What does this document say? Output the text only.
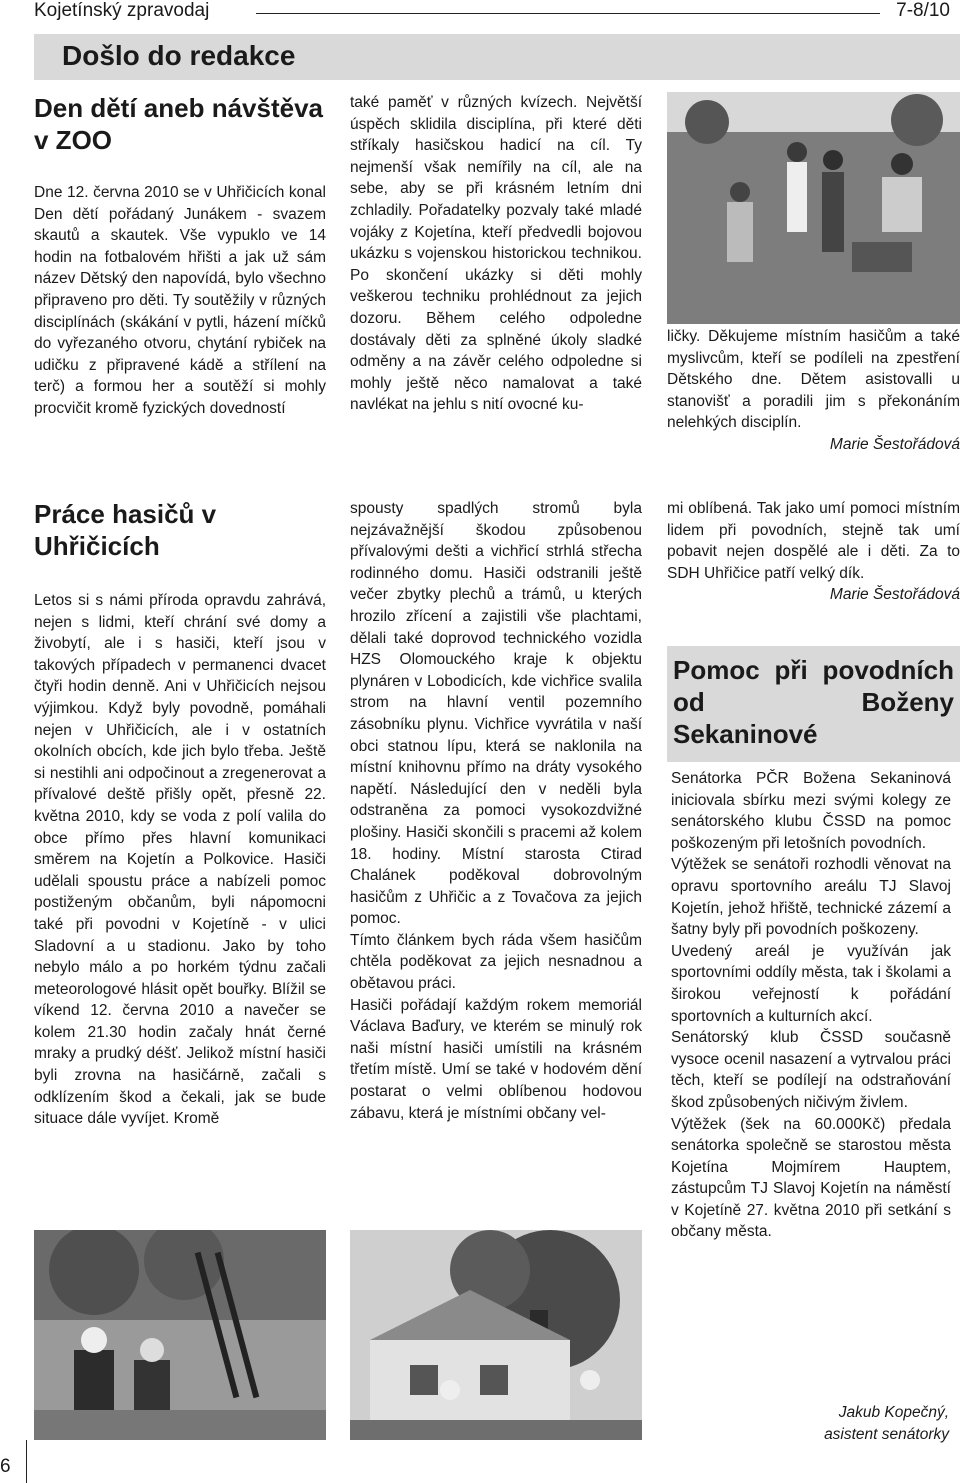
Kojetínský zpravodaj	7-8/10
Došlo do redakce
Den dětí aneb návštěva v ZOO

Dne 12. června 2010 se v Uhřičicích konal Den dětí pořádaný Junákem - svazem skautů a skautek. Vše vypuklo ve 14 hodin na fotbalovém hřišti a jak už sám název Dětský den napovídá, bylo všechno připraveno pro děti. Ty soutěžily v různých disciplínách (skákání v pytli, házení míčků do vyřezaného otvoru, chytání rybiček na udičku z připravené kádě a střílení na terč) a formou her a soutěží si mohly procvičit kromě fyzických dovedností

také paměť v různých kvízech. Největší úspěch sklidila disciplína, při které děti stříkaly hasičskou hadicí na cíl. Ty nejmenší však nemířily na cíl, ale na sebe, aby se při krásném letním dni zchladily. Pořadatelky pozvaly také mladé vojáky z Kojetína, kteří předvedli bojovou ukázku s vojenskou historickou technikou. Po skončení ukázky si děti mohly veškerou techniku prohlédnout za jejich dozoru. Během celého odpoledne dostávaly děti za splněné úkoly sladké odměny a na závěr celého odpoledne si mohly ještě něco namalovat a také navlékat na jehlu s nití ovocné ku-

ličky. Děkujeme místním hasičům a také myslivcům, kteří se podíleli na zpestření Dětského dne. Dětem asistovalli u stanovišť a poradili jim s překonáním nelehkých disciplín.

Marie Šestořádová

Práce hasičů v Uhřičicích

Letos si s námi příroda opravdu zahrává, nejen s lidmi, kteří chrání své domy a živobytí, ale i s hasiči, kteří jsou v takových případech v permanenci dvacet čtyři hodin denně. Ani v Uhřičicích nejsou výjimkou. Když byly povodně, pomáhali nejen v Uhřičicích, ale i v ostatních okolních obcích, kde jich bylo třeba. Ještě si nestihli ani odpočinout a zregenerovat a přívalové deště přišly opět, přesně 22. května 2010, kdy se voda z polí valila do obce přímo přes hlavní komunikaci směrem na Kojetín a Polkovice. Hasiči udělali spoustu práce a nabízeli pomoc postiženým občanům, byli nápomocni také při povodni v Kojetíně - v ulici Sladovní a u stadionu. Jako by toho nebylo málo a po horkém týdnu začali meteorologové hlásit opět bouřky. Blížil se víkend 12. června 2010 a navečer se kolem 21.30 hodin začaly hnát černé mraky a prudký déšť. Jelikož místní hasiči byli zrovna na hasičárně, začali s odklízením škod a čekali, jak se bude situace dále vyvíjet. Kromě

spousty spadlých stromů byla nejzávažnější škodou způsobenou přívalovými dešti a vichřicí strhlá střecha rodinného domu. Hasiči odstranili ještě večer zbytky plechů a trámů, u kterých hrozilo zřícení a zajistili vše plachtami, dělali také doprovod technického vozidla HZS Olomouckého kraje k objektu plynáren v Lobodicích, kde vichřice svalila strom na hlavní ventil pozemního zásobníku plynu. Vichřice vyvrátila v naší obci statnou lípu, která se naklonila na místní knihovnu přímo na dráty vysokého napětí. Následující den v neděli byla odstraněna za pomoci vysokozdvižné plošiny. Hasiči skončili s pracemi až kolem 18. hodiny. Místní starosta Ctirad Chalánek poděkoval dobrovolným hasičům z Uhřičic a z Tovačova za jejich pomoc.

Tímto článkem bych ráda všem hasičům chtěla poděkovat za jejich nesnadnou a obětavou práci.

Hasiči pořádají každým rokem memoriál Václava Baďury, ve kterém se minulý rok naši místní hasiči umístili na krásném třetím místě. Umí se také v hodovém dění postarat o velmi oblíbenou hodovou zábavu, která je místními občany vel-

mi oblíbená. Tak jako umí pomoci místním lidem při povodních, stejně tak umí pobavit nejen dospělé ale i děti. Za to SDH Uhřičice patří velký dík.

Marie Šestořádová

Pomoc při povodních od Boženy Sekaninové

Senátorka PČR Božena Sekaninová iniciovala sbírku mezi svými kolegy ze senátorského klubu ČSSD na pomoc poškozeným při letošních povodních.

Výtěžek se senátoři rozhodli věnovat na opravu sportovního areálu TJ Slavoj Kojetín, jehož hřiště, technické zázemí a šatny byly při povodních poškozeny.

Uvedený areál je využíván jak sportovními oddíly města, tak i školami a širokou veřejností k pořádání sportovních a kulturních akcí.

Senátorský klub ČSSD současně vysoce ocenil nasazení a vytrvalou práci těch, kteří se podílejí na odstraňování škod způsobených ničivým živlem.

Výtěžek (šek na 60.000Kč) předala senátorka společně se starostou města Kojetína Mojmírem Hauptem, zástupcům TJ Slavoj Kojetín na náměstí v Kojetíně 27. května 2010 při setkání s občany města.

Jakub Kopečný,
asistent senátorky
6
